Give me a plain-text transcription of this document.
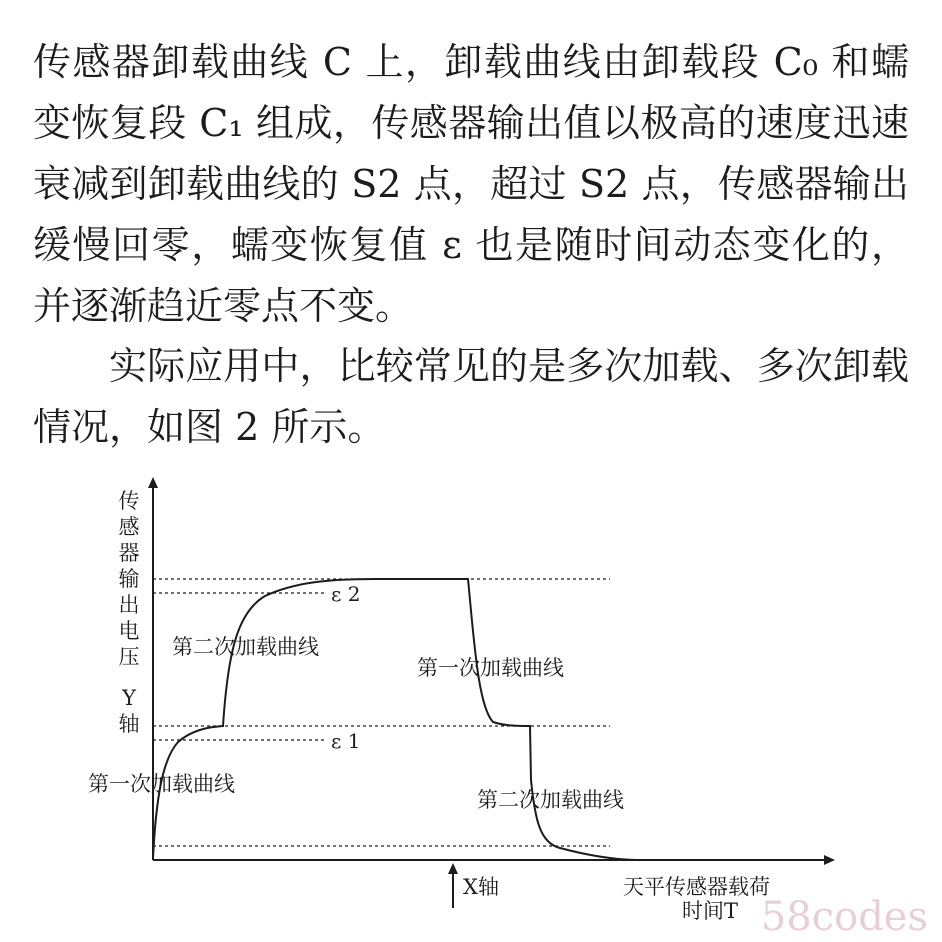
传感器卸载曲线 C 上，卸载曲线由卸载段 C₀ 和蠕变恢复段 C₁ 组成，传感器输出值以极高的速度迅速衰减到卸载曲线的 S2 点，超过 S2 点，传感器输出缓慢回零，蠕变恢复值 ε 也是随时间动态变化的，并逐渐趋近零点不变。

实际应用中，比较常见的是多次加载、多次卸载情况，如图 2 所示。

传
感
器
输
出
电
压
Y
轴
ε 2
ε 1
第二次加载曲线
第一次加载曲线
第一次加载曲线
第二次加载曲线
X轴	天平传感器载荷
时间T 58codes
